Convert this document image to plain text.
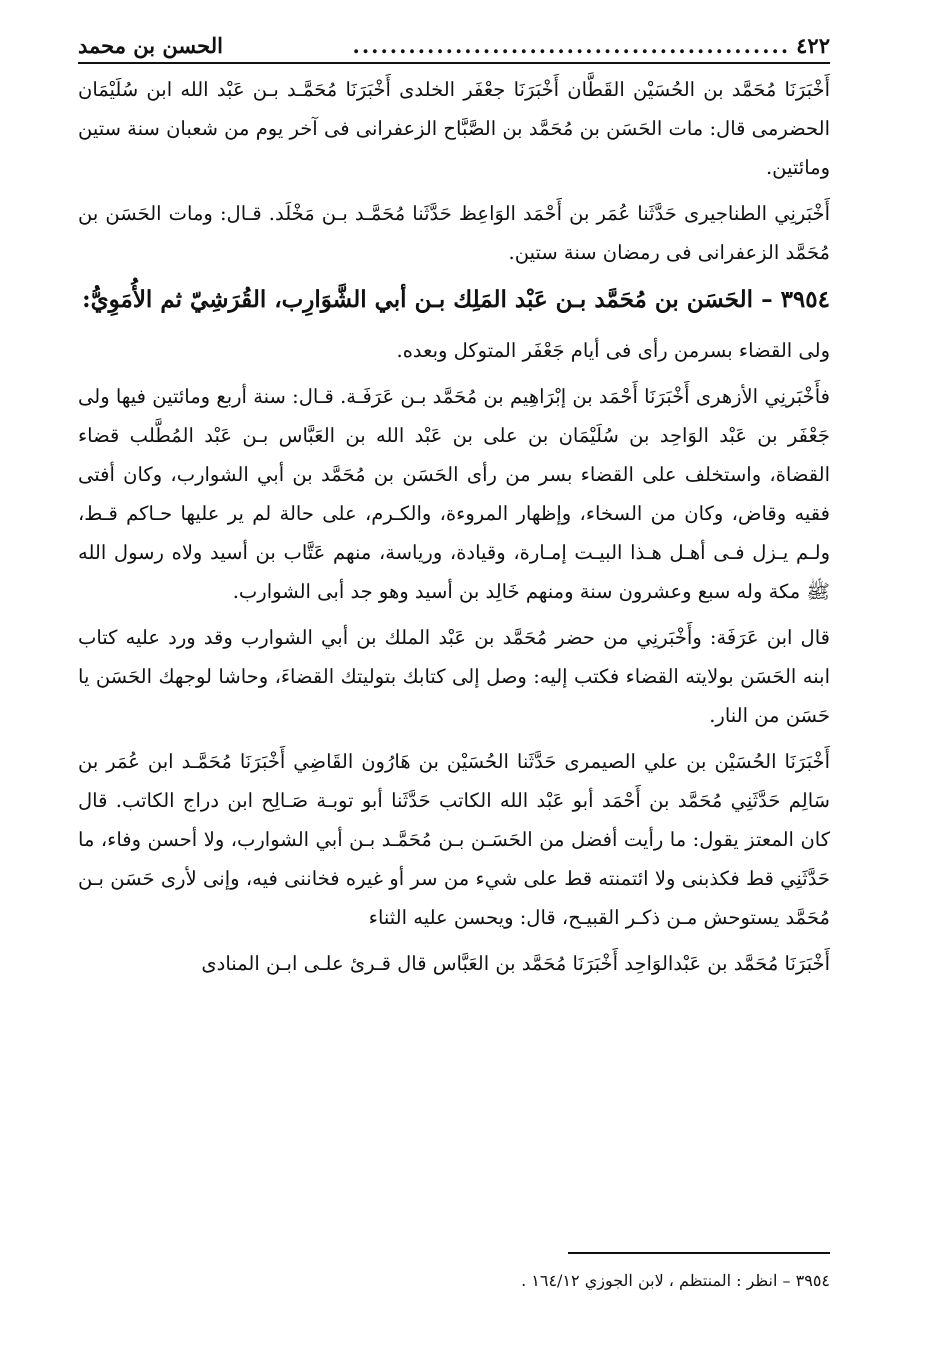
٤٢٢
...............................................
الحسن بن محمد

أَخْبَرَنَا مُحَمَّد بن الحُسَيْن القَطَّان أَخْبَرَنَا جعْفَر الخلدى أَخْبَرَنَا مُحَمَّـد بـن عَبْد الله ابن سُلَيْمَان الحضرمى قال: مات الحَسَن بن مُحَمَّد بن الصَّبَّاح الزعفرانى فى آخر يوم من شعبان سنة ستين ومائتين.

أَخْبَرنِي الطناجيرى حَدَّثَنا عُمَر بن أَحْمَد الوَاعِظ حَدَّثَنا مُحَمَّـد بـن مَخْلَد. قـال: ومات الحَسَن بن مُحَمَّد الزعفرانى فى رمضان سنة ستين.

٣٩٥٤ – الحَسَن بن مُحَمَّد بـن عَبْد المَلِك بـن أبي الشَّوَارِب، القُرَشِيّ ثم الأُمَوِيُّ:

ولى القضاء بسرمن رأى فى أيام جَعْفَر المتوكل وبعده.

فأَخْبَرنِي الأزهرى أَخْبَرَنَا أَحْمَد بن إبْرَاهِيم بن مُحَمَّد بـن عَرَفَـة. قـال: سنة أربع ومائتين فيها ولى جَعْفَر بن عَبْد الوَاحِد بن سُلَيْمَان بن على بن عَبْد الله بن العَبَّاس بـن عَبْد المُطَّلب قضاء القضاة، واستخلف على القضاء بسر من رأى الحَسَن بن مُحَمَّد بن أبي الشوارب، وكان أفتى فقيه وقاض، وكان من السخاء، وإظهار المروءة، والكـرم، على حالة لم ير عليها حـاكم قـط، ولـم يـزل فـى أهـل هـذا البيـت إمـارة، وقيادة، ورياسة، منهم عَتَّاب بن أسيد ولاه رسول الله ﷺ مكة وله سبع وعشرون سنة ومنهم خَالِد بن أسيد وهو جد أبى الشوارب.

قال ابن عَرَفَة: وأَخْبَرنِي من حضر مُحَمَّد بن عَبْد الملك بن أبي الشوارب وقد ورد عليه كتاب ابنه الحَسَن بولايته القضاء فكتب إليه: وصل إلى كتابك بتوليتك القضاءَ، وحاشا لوجهك الحَسَن يا حَسَن من النار.

أَخْبَرَنَا الحُسَيْن بن علي الصيمرى حَدَّثَنا الحُسَيْن بن هَارُون القَاضِي أَخْبَرَنَا مُحَمَّـد ابن عُمَر بن سَالِم حَدَّثَنِي مُحَمَّد بن أَحْمَد أبو عَبْد الله الكاتب حَدَّثَنا أبو توبـة صَـالِح ابن دراج الكاتب. قال كان المعتز يقول: ما رأيت أفضل من الحَسَـن بـن مُحَمَّـد بـن أبي الشوارب، ولا أحسن وفاء، ما حَدَّثَنِي قط فكذبنى ولا ائتمنته قط على شيء من سر أو غيره فخاننى فيه، وإنى لأرى حَسَن بـن مُحَمَّد يستوحش مـن ذكـر القبيـح، قال: ويحسن عليه الثناء

أَخْبَرَنَا مُحَمَّد بن عَبْدالوَاحِد أَخْبَرَنَا مُحَمَّد بن العَبَّاس قال قـرئ علـى ابـن المنادى

٣٩٥٤ – انظر : المنتظم ، لابن الجوزي ١٦٤/١٢ .
